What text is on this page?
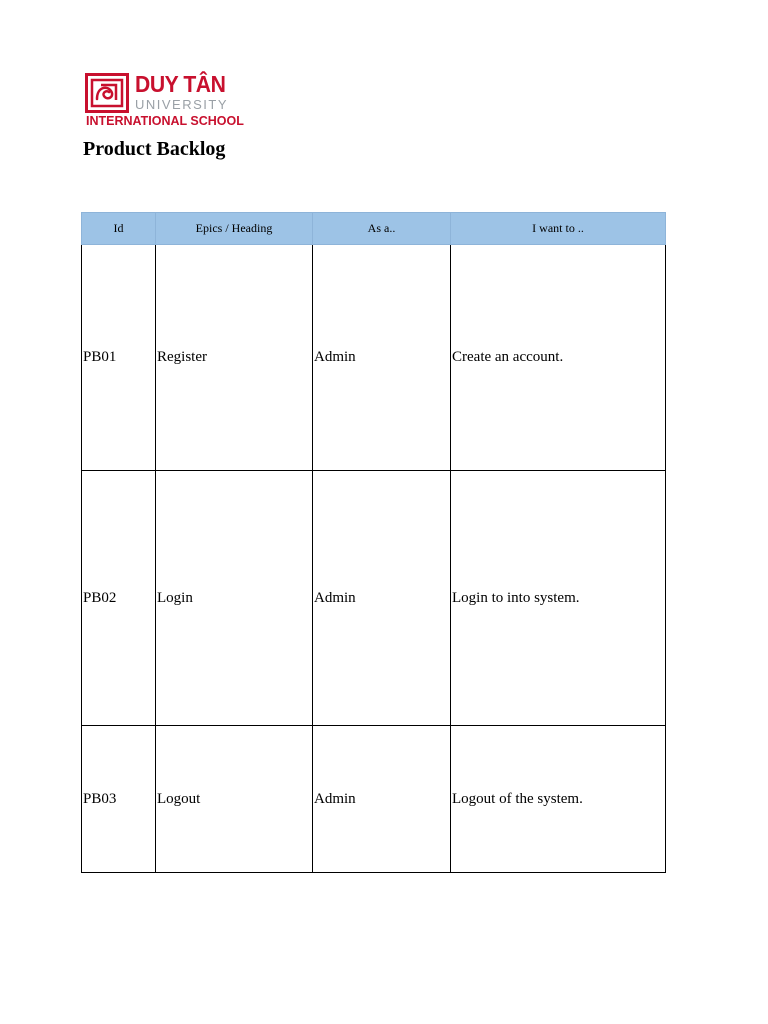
DUY TÂN
UNIVERSITY
INTERNATIONAL SCHOOL
Product Backlog
Id	Epics / Heading	As a..	I want to ..
PB01	Register	Admin	Create an account.
PB02	Login	Admin	Login to into system.
PB03	Logout	Admin	Logout of the system.
